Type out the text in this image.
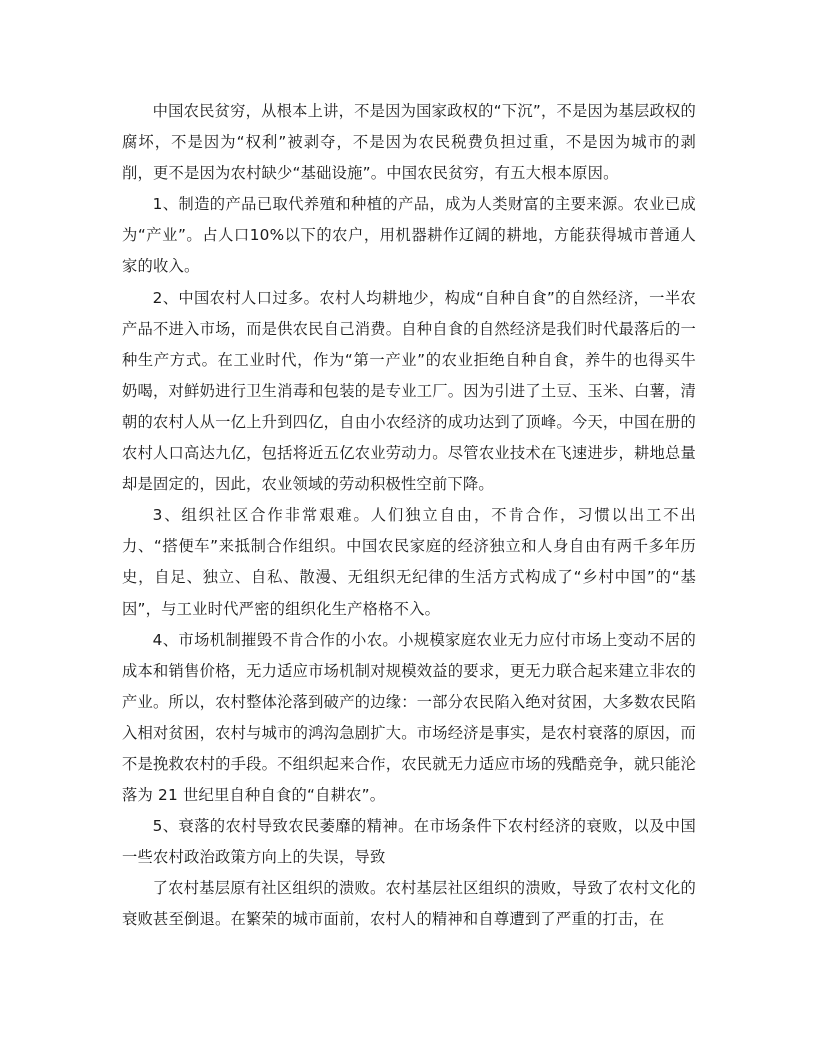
中国农民贫穷，从根本上讲，不是因为国家政权的“下沉”，不是因为基层政权的腐坏，不是因为“权利”被剥夺，不是因为农民税费负担过重，不是因为城市的剥削，更不是因为农村缺少“基础设施”。中国农民贫穷，有五大根本原因。

1、制造的产品已取代养殖和种植的产品，成为人类财富的主要来源。农业已成为“产业”。占人口10%以下的农户，用机器耕作辽阔的耕地，方能获得城市普通人家的收入。

2、中国农村人口过多。农村人均耕地少，构成“自种自食”的自然经济，一半农产品不进入市场，而是供农民自己消费。自种自食的自然经济是我们时代最落后的一种生产方式。在工业时代，作为“第一产业”的农业拒绝自种自食，养牛的也得买牛奶喝，对鲜奶进行卫生消毒和包装的是专业工厂。因为引进了土豆、玉米、白薯，清朝的农村人从一亿上升到四亿，自由小农经济的成功达到了顶峰。今天，中国在册的农村人口高达九亿，包括将近五亿农业劳动力。尽管农业技术在飞速进步，耕地总量却是固定的，因此，农业领域的劳动积极性空前下降。

3、组织社区合作非常艰难。人们独立自由，不肯合作，习惯以出工不出力、“搭便车”来抵制合作组织。中国农民家庭的经济独立和人身自由有两千多年历史，自足、独立、自私、散漫、无组织无纪律的生活方式构成了“乡村中国”的“基因”，与工业时代严密的组织化生产格格不入。

4、市场机制摧毁不肯合作的小农。小规模家庭农业无力应付市场上变动不居的成本和销售价格，无力适应市场机制对规模效益的要求，更无力联合起来建立非农的产业。所以，农村整体沦落到破产的边缘：一部分农民陷入绝对贫困，大多数农民陷入相对贫困，农村与城市的鸿沟急剧扩大。市场经济是事实，是农村衰落的原因，而不是挽救农村的手段。不组织起来合作，农民就无力适应市场的残酷竞争，就只能沦落为 21 世纪里自种自食的“自耕农”。

5、衰落的农村导致农民萎靡的精神。在市场条件下农村经济的衰败，以及中国一些农村政治政策方向上的失误，导致

了农村基层原有社区组织的溃败。农村基层社区组织的溃败，导致了农村文化的衰败甚至倒退。在繁荣的城市面前，农村人的精神和自尊遭到了严重的打击，在
